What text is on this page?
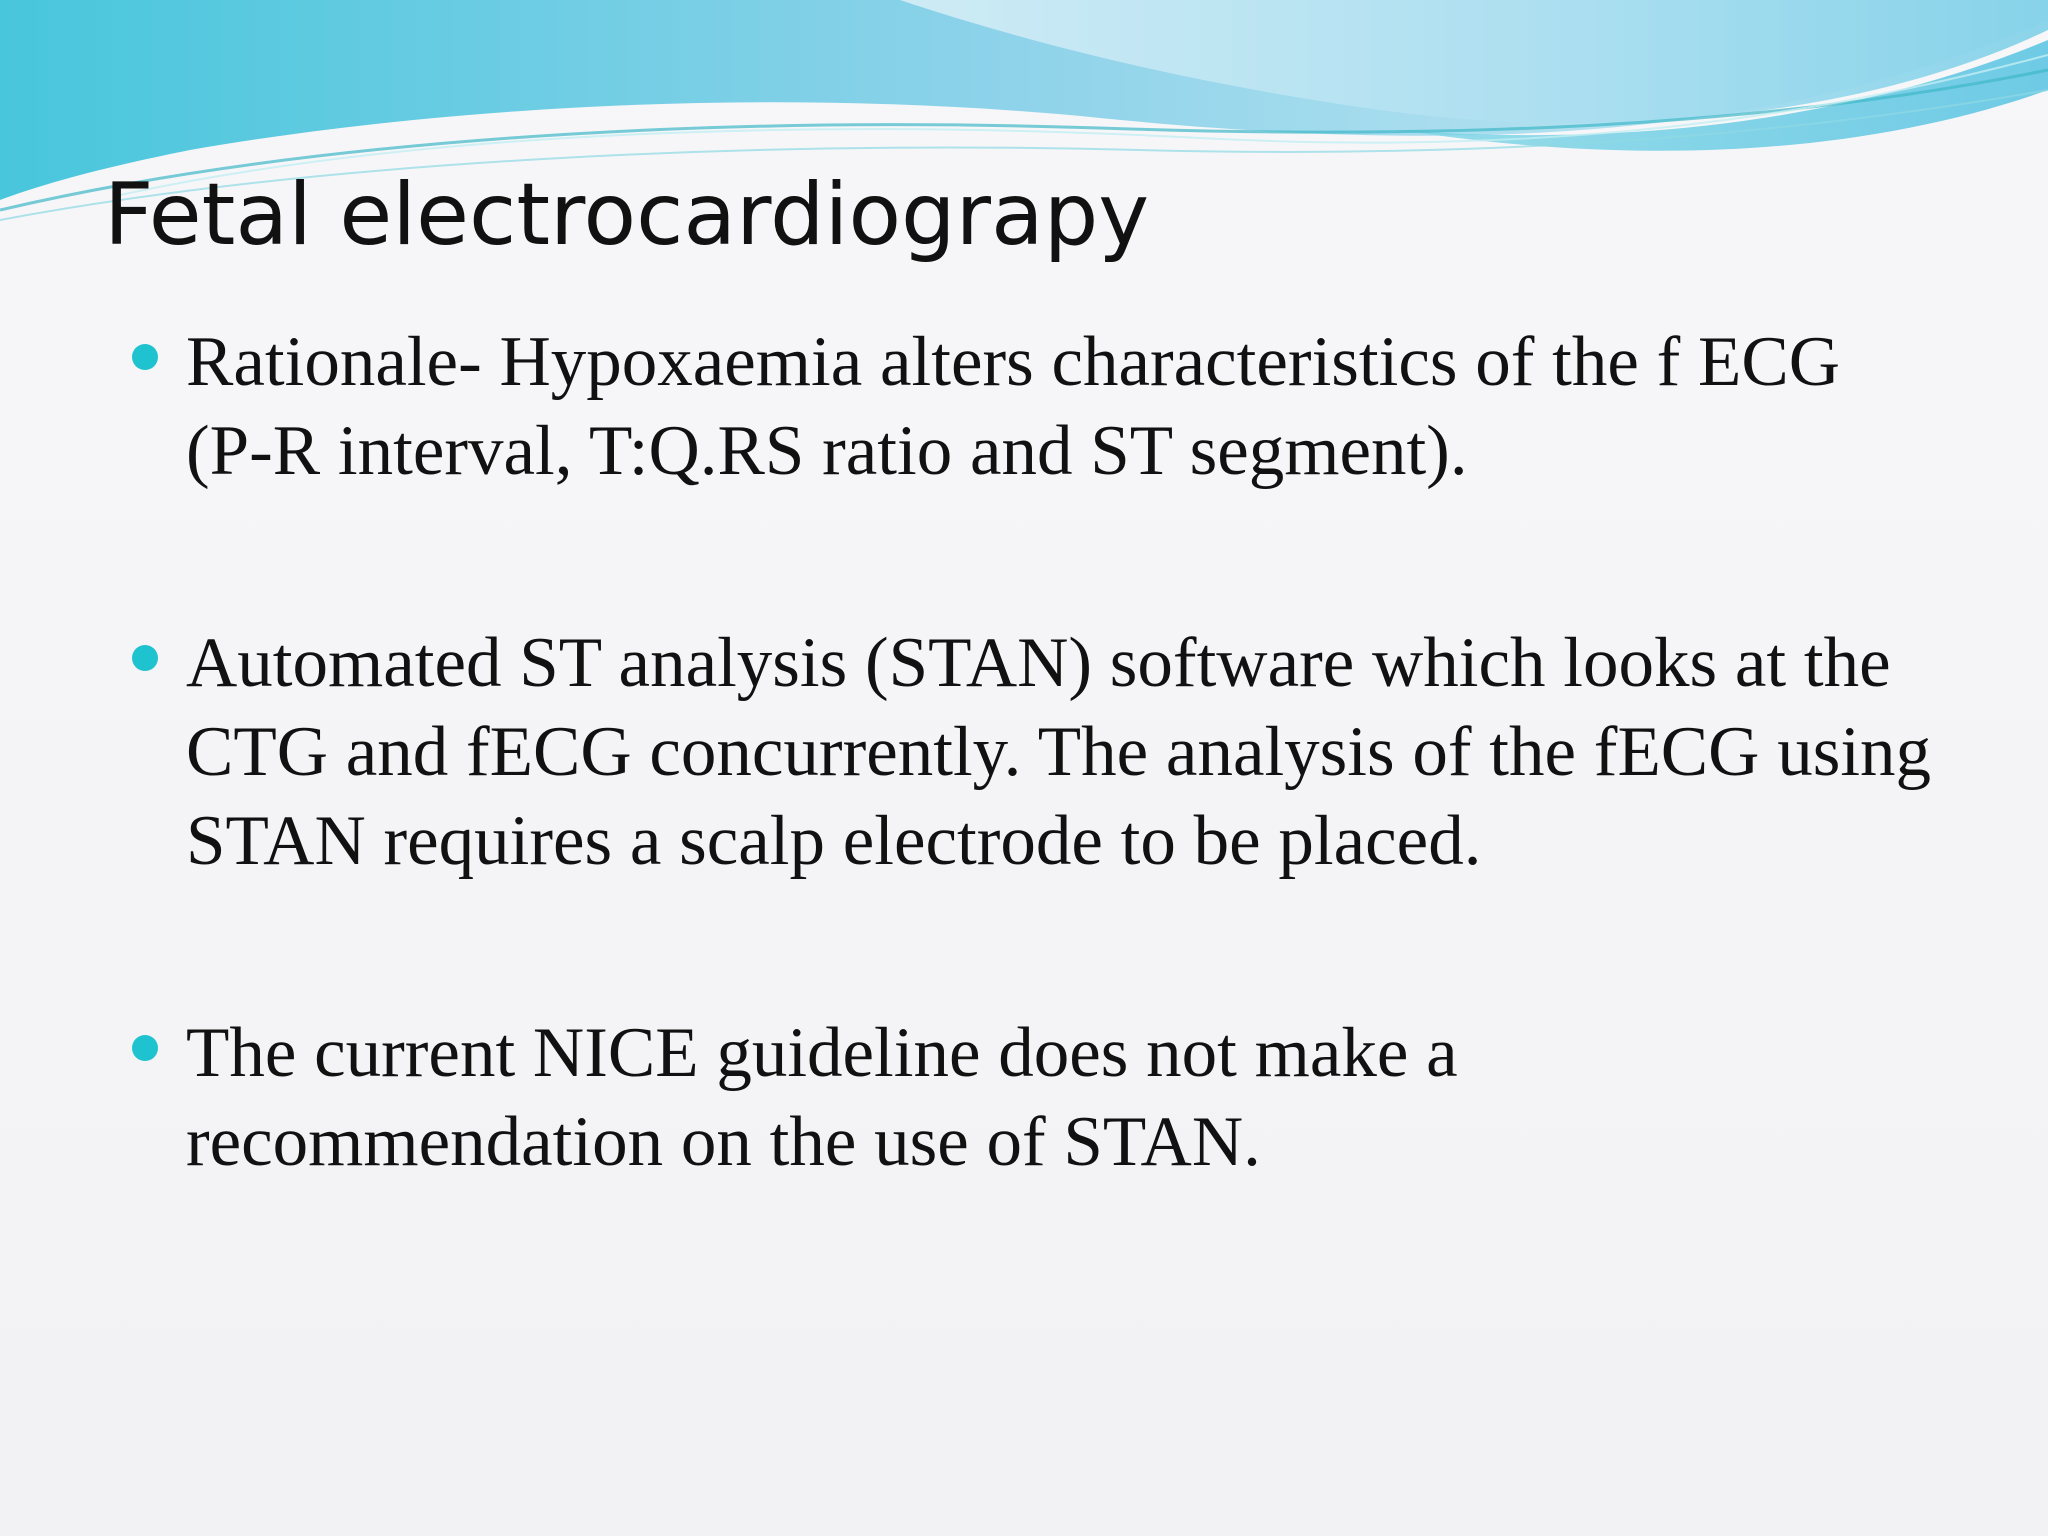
Fetal electrocardiograpy
Rationale- Hypoxaemia alters characteristics of the f ECG (P-R interval, T:Q.RS ratio and ST segment).
Automated ST analysis (STAN) software which looks at the CTG and fECG concurrently. The analysis of the fECG using STAN requires a scalp electrode to be placed.
The current NICE guideline does not make a recommendation on the use of STAN.
